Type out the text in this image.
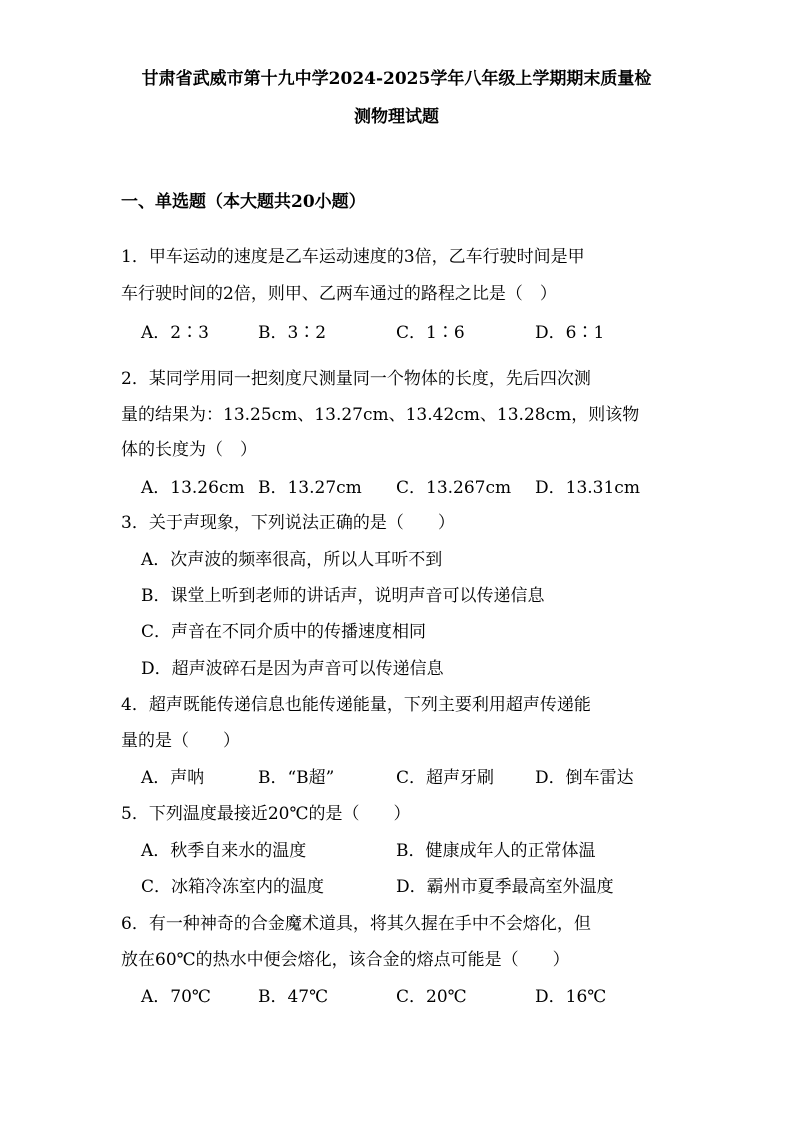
甘肃省武威市第十九中学2024-2025学年八年级上学期期末质量检
测物理试题
一、单选题（本大题共20小题）
1．甲车运动的速度是乙车运动速度的3倍，乙车行驶时间是甲
车行驶时间的2倍，则甲、乙两车通过的路程之比是（　）
A．2∶3	B．3∶2	C．1∶6	D．6∶1
2．某同学用同一把刻度尺测量同一个物体的长度，先后四次测
量的结果为：13.25cm、13.27cm、13.42cm、13.28cm，则该物
体的长度为（　）
A．13.26cm B．13.27cm C．13.267cm D．13.31cm
3．关于声现象，下列说法正确的是（　　）
A．次声波的频率很高，所以人耳听不到
B．课堂上听到老师的讲话声，说明声音可以传递信息
C．声音在不同介质中的传播速度相同
D．超声波碎石是因为声音可以传递信息
4．超声既能传递信息也能传递能量，下列主要利用超声传递能
量的是（　　）
A．声呐	B．“B超”	C．超声牙刷 D．倒车雷达
5．下列温度最接近20℃的是（　　）
A．秋季自来水的温度	B．健康成年人的正常体温
C．冰箱冷冻室内的温度	D．霸州市夏季最高室外温度
6．有一种神奇的合金魔术道具，将其久握在手中不会熔化，但
放在60℃的热水中便会熔化，该合金的熔点可能是（　　）
A．70℃	B．47℃	C．20℃	D．16℃
